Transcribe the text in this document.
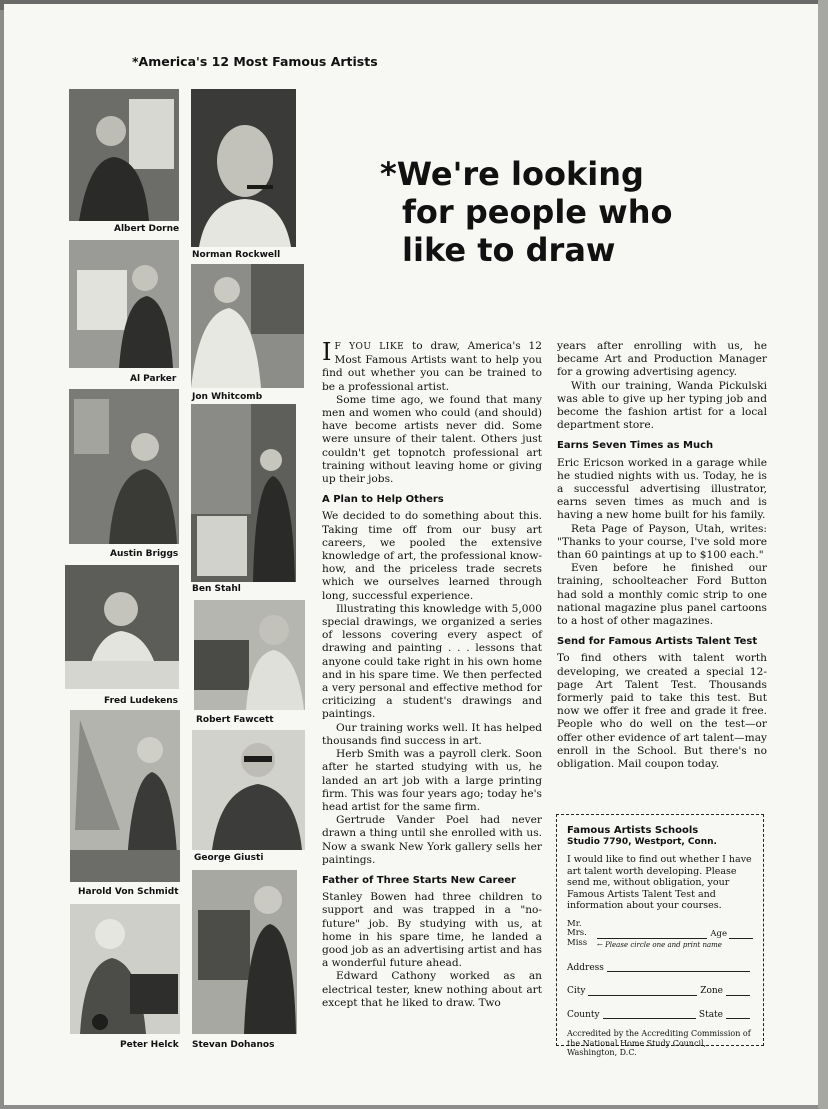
*America's 12 Most Famous Artists
*We're looking
for people who
like to draw
Albert Dorne
Al Parker
Austin Briggs
Fred Ludekens
Harold Von Schmidt
Peter Helck
Norman Rockwell
Jon Whitcomb
Ben Stahl
Robert Fawcett
George Giusti
Stevan Dohanos

I F YOU LIKE to draw, America's 12 Most Famous Artists want to help you find out whether you can be trained to be a professional artist.

Some time ago, we found that many men and women who could (and should) have become artists never did. Some were unsure of their talent. Others just couldn't get topnotch professional art training without leaving home or giving up their jobs.

A Plan to Help Others

We decided to do something about this. Taking time off from our busy art careers, we pooled the extensive knowledge of art, the professional know-how, and the priceless trade secrets which we ourselves learned through long, successful experience.

Illustrating this knowledge with 5,000 special drawings, we organized a series of lessons covering every aspect of drawing and painting . . . lessons that anyone could take right in his own home and in his spare time. We then perfected a very personal and effective method for criticizing a student's drawings and paintings.

Our training works well. It has helped thousands find success in art.

Herb Smith was a payroll clerk. Soon after he started studying with us, he landed an art job with a large printing firm. This was four years ago; today he's head artist for the same firm.

Gertrude Vander Poel had never drawn a thing until she enrolled with us. Now a swank New York gallery sells her paintings.

Father of Three Starts New Career

Stanley Bowen had three children to support and was trapped in a "no-future" job. By studying with us, at home in his spare time, he landed a good job as an advertising artist and has a wonderful future ahead.

Edward Cathony worked as an electrical tester, knew nothing about art except that he liked to draw. Two

years after enrolling with us, he became Art and Production Manager for a growing advertising agency.

With our training, Wanda Pickulski was able to give up her typing job and become the fashion artist for a local department store.

Earns Seven Times as Much

Eric Ericson worked in a garage while he studied nights with us. Today, he is a successful advertising illustrator, earns seven times as much and is having a new home built for his family.

Reta Page of Payson, Utah, writes: "Thanks to your course, I've sold more than 60 paintings at up to $100 each."

Even before he finished our training, schoolteacher Ford Button had sold a monthly comic strip to one national magazine plus panel cartoons to a host of other magazines.

Send for Famous Artists Talent Test

To find others with talent worth developing, we created a special 12-page Art Talent Test. Thousands formerly paid to take this test. But now we offer it free and grade it free. People who do well on the test—or offer other evidence of art talent—may enroll in the School. But there's no obligation. Mail coupon today.

Famous Artists Schools
Studio 7790, Westport, Conn.
I would like to find out whether I have art talent worth developing. Please send me, without obligation, your Famous Artists Talent Test and information about your courses.
Mr.
Mrs.
Miss
Age
← Please circle one and print name
Address
City	Zone
County	State
Accredited by the Accrediting Commission of the National Home Study Council, Washington, D.C.
